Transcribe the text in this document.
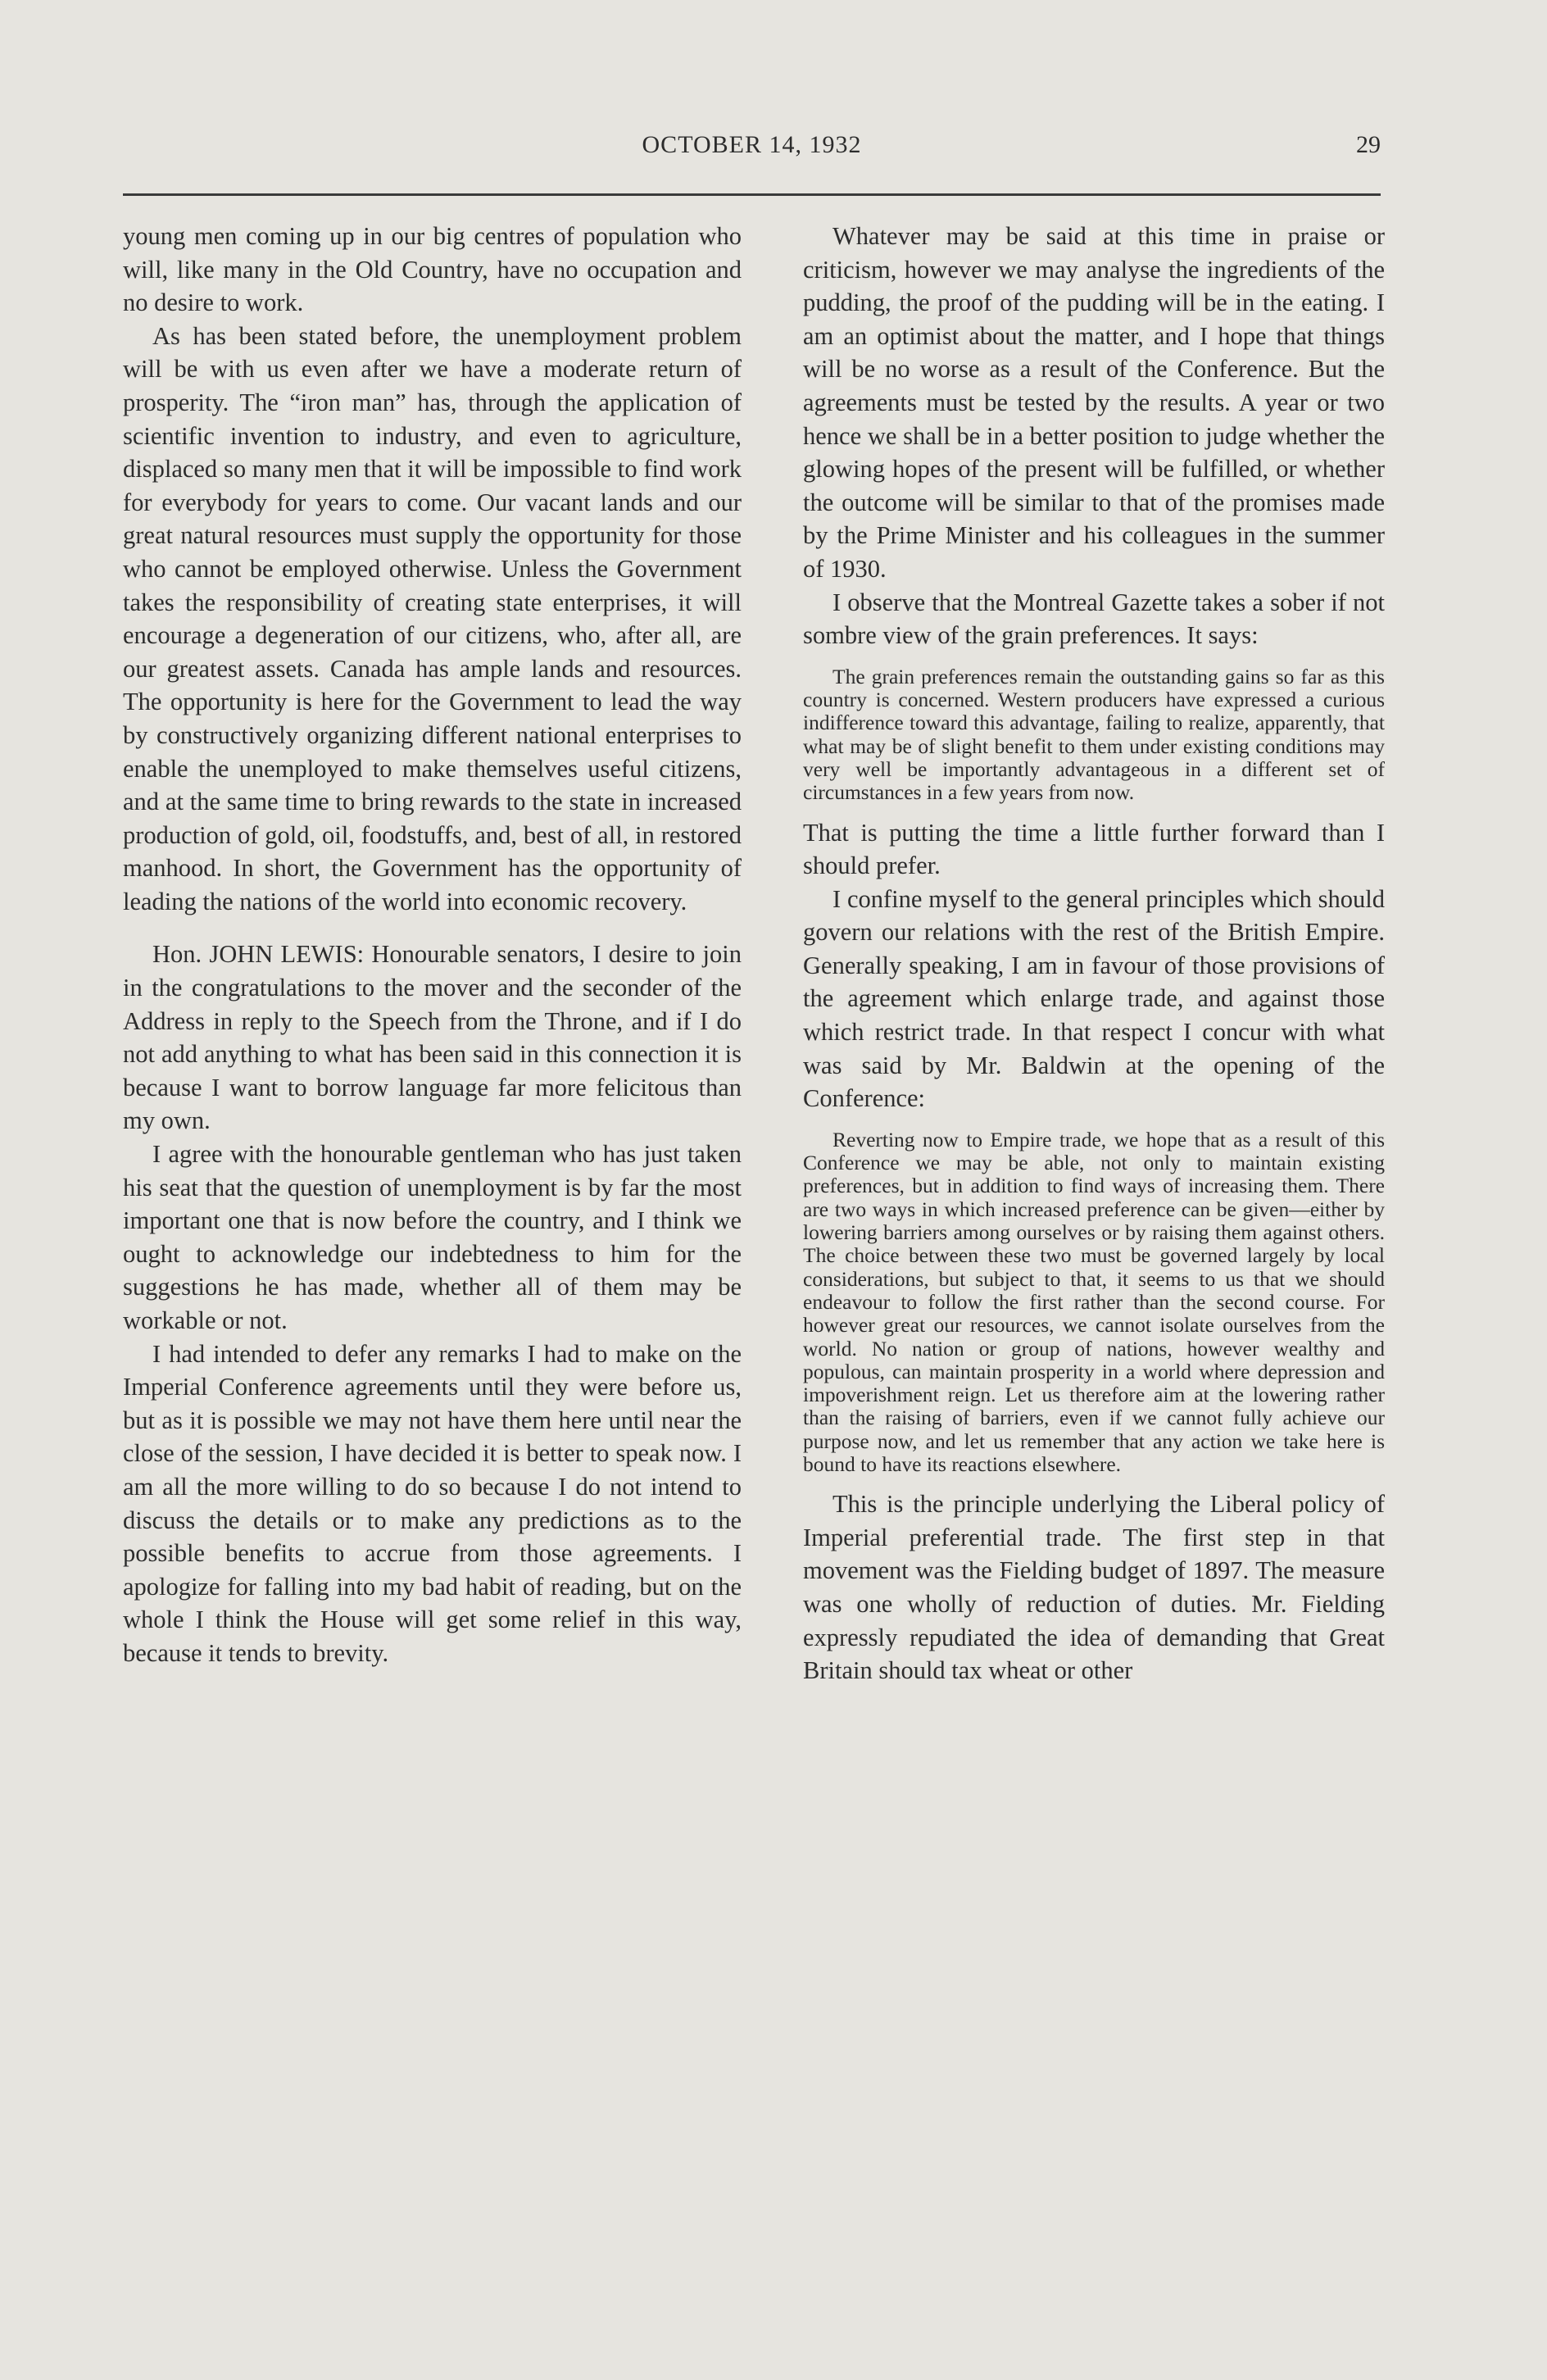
OCTOBER 14, 1932	29

young men coming up in our big centres of population who will, like many in the Old Country, have no occupation and no desire to work.

As has been stated before, the unemployment problem will be with us even after we have a moderate return of prosperity. The “iron man” has, through the application of scientific invention to industry, and even to agriculture, displaced so many men that it will be impossible to find work for everybody for years to come. Our vacant lands and our great natural resources must supply the opportunity for those who cannot be employed otherwise. Unless the Government takes the responsibility of creating state enterprises, it will encourage a degeneration of our citizens, who, after all, are our greatest assets. Canada has ample lands and resources. The opportunity is here for the Government to lead the way by constructively organizing different national enterprises to enable the unemployed to make themselves useful citizens, and at the same time to bring rewards to the state in increased production of gold, oil, foodstuffs, and, best of all, in restored manhood. In short, the Government has the opportunity of leading the nations of the world into economic recovery.

Hon. JOHN LEWIS: Honourable senators, I desire to join in the congratulations to the mover and the seconder of the Address in reply to the Speech from the Throne, and if I do not add anything to what has been said in this connection it is because I want to borrow language far more felicitous than my own.

I agree with the honourable gentleman who has just taken his seat that the question of unemployment is by far the most important one that is now before the country, and I think we ought to acknowledge our indebtedness to him for the suggestions he has made, whether all of them may be workable or not.

I had intended to defer any remarks I had to make on the Imperial Conference agreements until they were before us, but as it is possible we may not have them here until near the close of the session, I have decided it is better to speak now. I am all the more willing to do so because I do not intend to discuss the details or to make any predictions as to the possible benefits to accrue from those agreements. I apologize for falling into my bad habit of reading, but on the whole I think the House will get some relief in this way, because it tends to brevity.

Whatever may be said at this time in praise or criticism, however we may analyse the ingredients of the pudding, the proof of the pudding will be in the eating. I am an optimist about the matter, and I hope that things will be no worse as a result of the Conference. But the agreements must be tested by the results. A year or two hence we shall be in a better position to judge whether the glowing hopes of the present will be fulfilled, or whether the outcome will be similar to that of the promises made by the Prime Minister and his colleagues in the summer of 1930.

I observe that the Montreal Gazette takes a sober if not sombre view of the grain preferences. It says:

The grain preferences remain the outstanding gains so far as this country is concerned. Western producers have expressed a curious indifference toward this advantage, failing to realize, apparently, that what may be of slight benefit to them under existing conditions may very well be importantly advantageous in a different set of circumstances in a few years from now.

That is putting the time a little further forward than I should prefer.

I confine myself to the general principles which should govern our relations with the rest of the British Empire. Generally speaking, I am in favour of those provisions of the agreement which enlarge trade, and against those which restrict trade. In that respect I concur with what was said by Mr. Baldwin at the opening of the Conference:

Reverting now to Empire trade, we hope that as a result of this Conference we may be able, not only to maintain existing preferences, but in addition to find ways of increasing them. There are two ways in which increased preference can be given—either by lowering barriers among ourselves or by raising them against others. The choice between these two must be governed largely by local considerations, but subject to that, it seems to us that we should endeavour to follow the first rather than the second course. For however great our resources, we cannot isolate ourselves from the world. No nation or group of nations, however wealthy and populous, can maintain prosperity in a world where depression and impoverishment reign. Let us therefore aim at the lowering rather than the raising of barriers, even if we cannot fully achieve our purpose now, and let us remember that any action we take here is bound to have its reactions elsewhere.

This is the principle underlying the Liberal policy of Imperial preferential trade. The first step in that movement was the Fielding budget of 1897. The measure was one wholly of reduction of duties. Mr. Fielding expressly repudiated the idea of demanding that Great Britain should tax wheat or other
